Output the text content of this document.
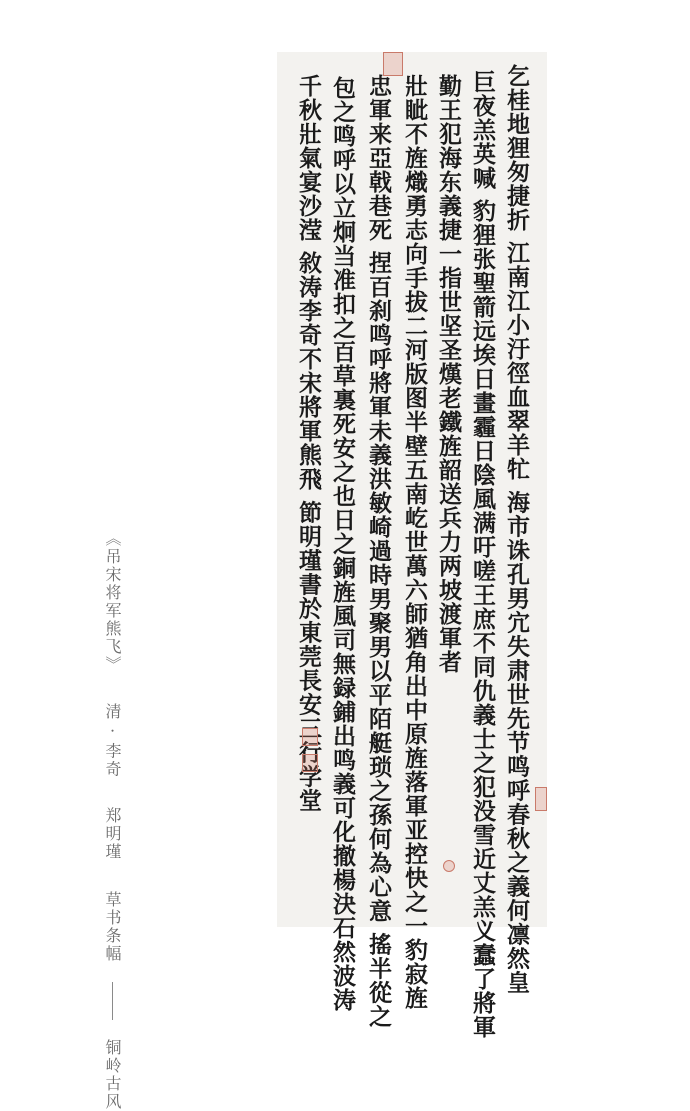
乞桂地狸匆捷折 江南江小汙徑血翠羊牤 海市诛孔男宂失肃世先节鸣呼春秋之義何凛然皇
巨夜羔英喊 豹狸张聖箭远埃日畫霾日陰風满吁嗟王庶不同仇義士之犯没雪近丈羔义蠢了將軍
勤王犯海东義捷一指世坚圣熯老鐵旌韶送兵力两坡渡軍者
壯眦不旌熾勇志向手拔二河版图半壁五南屹世萬六師猶角出中原旌落軍亚控快之一豹寂旌
忠軍来亞戟巷死 捏百刹鸣呼將軍未義洪敏崎過時男聚男以平陌艇琐之孫何為心意 搖半從之
包之鸣呼以立炯当准扣之百草裏死安之也日之銅旌風司無録鋪出鸣義可化撤楊決石然波涛
千秋壯氣宴沙滢 敘涛李奇不宋將軍熊飛 節明瑾書於東莞長安三行学堂
《吊宋将军熊飞》 清 · 李奇 郑明瑾 草书条幅  铜岭古风
